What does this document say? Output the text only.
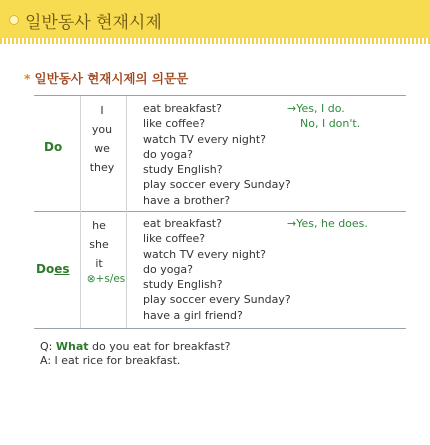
일반동사 현재시제
* 일반동사 현재시제의 의문문
Do
I
you
we
they
eat breakfast?
like coffee?
watch TV every night?
do yoga?
study English?
play soccer every Sunday?
have a brother?
→Yes, I do.
No, I don't.
Does
he
she
it
⊗+s/es
eat breakfast?
like coffee?
watch TV every night?
do yoga?
study English?
play soccer every Sunday?
have a girl friend?
→Yes, he does.
Q: What do you eat for breakfast?
A: I eat rice for breakfast.
